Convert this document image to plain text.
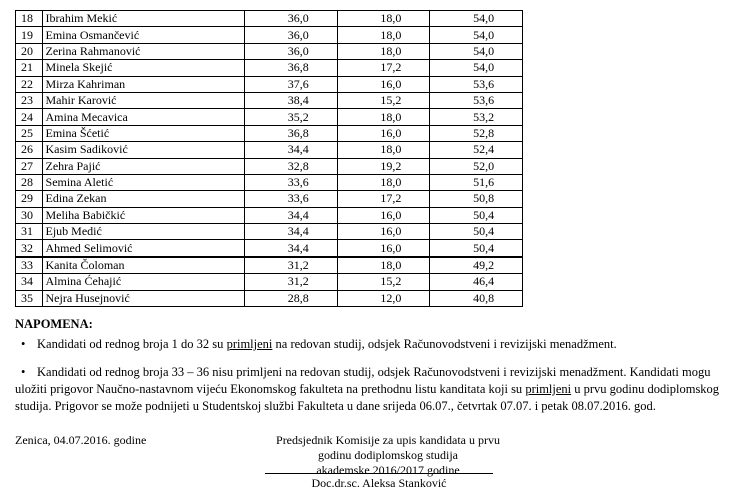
18	Ibrahim Mekić	36,0	18,0	54,0
19	Emina Osmančević	36,0	18,0	54,0
20	Zerina Rahmanović	36,0	18,0	54,0
21	Minela Skejić	36,8	17,2	54,0
22	Mirza Kahriman	37,6	16,0	53,6
23	Mahir Karović	38,4	15,2	53,6
24	Amina Mecavica	35,2	18,0	53,2
25	Emina Šćetić	36,8	16,0	52,8
26	Kasim Sadiković	34,4	18,0	52,4
27	Zehra Pajić	32,8	19,2	52,0
28	Semina Aletić	33,6	18,0	51,6
29	Edina Zekan	33,6	17,2	50,8
30	Meliha Babičkić	34,4	16,0	50,4
31	Ejub Medić	34,4	16,0	50,4
32	Ahmed Selimović	34,4	16,0	50,4
33	Kanita Čoloman	31,2	18,0	49,2
34	Almina Ćehajić	31,2	15,2	46,4
35	Nejra Husejnović	28,8	12,0	40,8
NAPOMENA:
• Kandidati od rednog broja 1 do 32 su primljeni na redovan studij, odsjek Računovodstveni i revizijski menadžment.
• Kandidati od rednog broja 33 – 36 nisu primljeni na redovan studij, odsjek Računovodstveni i revizijski menadžment. Kandidati mogu
uložiti prigovor Naučno-nastavnom vijeću Ekonomskog fakulteta na prethodnu listu kanditata koji su primljeni u prvu godinu dodiplomskog
studija. Prigovor se može podnijeti u Studentskoj službi Fakulteta u dane srijeda 06.07., četvrtak 07.07. i petak 08.07.2016. god.
Zenica, 04.07.2016. godine	Predsjednik Komisije za upis kandidata u prvu godinu dodiplomskog studija
akademske 2016/2017 godine
Doc.dr.sc. Aleksa Stanković
